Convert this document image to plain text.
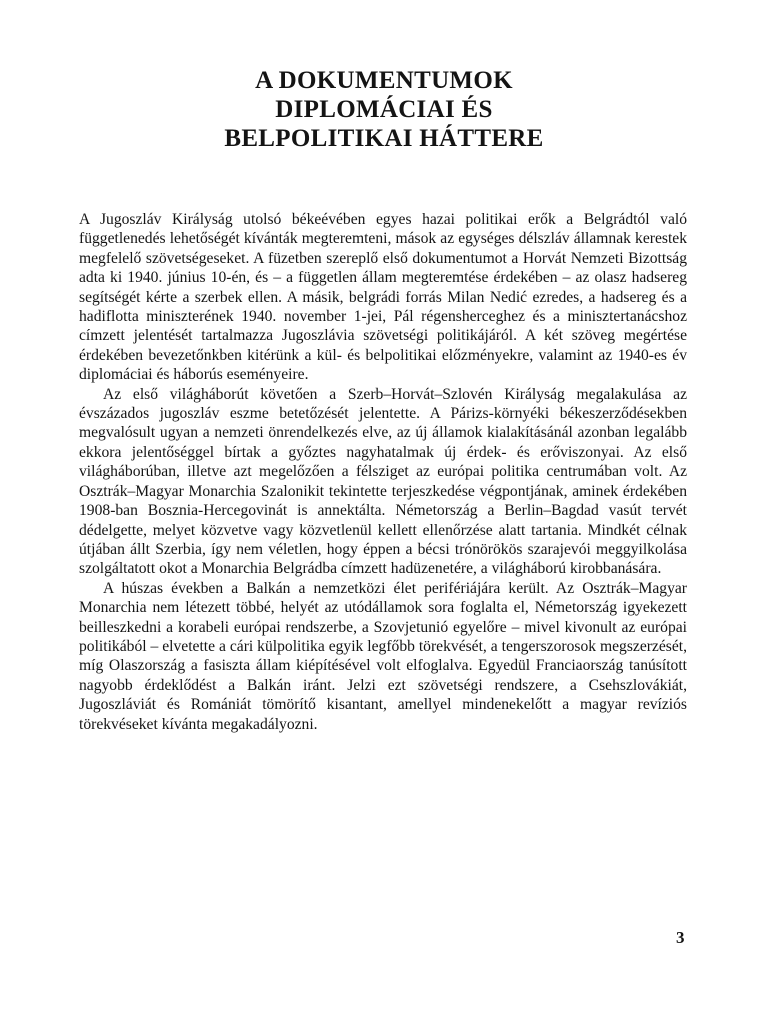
A DOKUMENTUMOK
DIPLOMÁCIAI ÉS
BELPOLITIKAI HÁTTERE

A Jugoszláv Királyság utolsó békeévében egyes hazai politikai erők a Belgrádtól való függetlenedés lehetőségét kívánták megteremteni, mások az egységes délszláv államnak kerestek megfelelő szövetségeseket. A füzetben szereplő első dokumentumot a Horvát Nemzeti Bizottság adta ki 1940. június 10-én, és – a független állam megteremtése érdekében – az olasz hadsereg segítségét kérte a szerbek ellen. A másik, belgrádi forrás Milan Nedić ezredes, a hadsereg és a hadiflotta miniszterének 1940. november 1-jei, Pál régensherceghez és a minisztertanácshoz címzett jelentését tartalmazza Jugoszlávia szövetségi politikájáról. A két szöveg megértése érdekében bevezetőnkben kitérünk a kül- és belpolitikai előzményekre, valamint az 1940-es év diplomáciai és háborús eseményeire.

Az első világháborút követően a Szerb–Horvát–Szlovén Királyság megalakulása az évszázados jugoszláv eszme betetőzését jelentette. A Párizs-környéki békeszerződésekben megvalósult ugyan a nemzeti önrendelkezés elve, az új államok kialakításánál azonban legalább ekkora jelentőséggel bírtak a győztes nagyhatalmak új érdek- és erőviszonyai. Az első világháborúban, illetve azt megelőzően a félsziget az európai politika centrumában volt. Az Osztrák–Magyar Monarchia Szalonikit tekintette terjeszkedése végpontjának, aminek érdekében 1908-ban Bosznia-Hercegovinát is annektálta. Németország a Berlin–Bagdad vasút tervét dédelgette, melyet közvetve vagy közvetlenül kellett ellenőrzése alatt tartania. Mindkét célnak útjában állt Szerbia, így nem véletlen, hogy éppen a bécsi trónörökös szarajevói meggyilkolása szolgáltatott okot a Monarchia Belgrádba címzett hadüzenetére, a világháború kirobbanására.

A húszas években a Balkán a nemzetközi élet perifériájára került. Az Osztrák–Magyar Monarchia nem létezett többé, helyét az utódállamok sora foglalta el, Németország igyekezett beilleszkedni a korabeli európai rendszerbe, a Szovjetunió egyelőre – mivel kivonult az európai politikából – elvetette a cári külpolitika egyik legfőbb törekvését, a tengerszorosok megszerzését, míg Olaszország a fasiszta állam kiépítésével volt elfoglalva. Egyedül Franciaország tanúsított nagyobb érdeklődést a Balkán iránt. Jelzi ezt szövetségi rendszere, a Csehszlovákiát, Jugoszláviát és Romániát tömörítő kisantant, amellyel mindenekelőtt a magyar revíziós törekvéseket kívánta megakadályozni.

3
